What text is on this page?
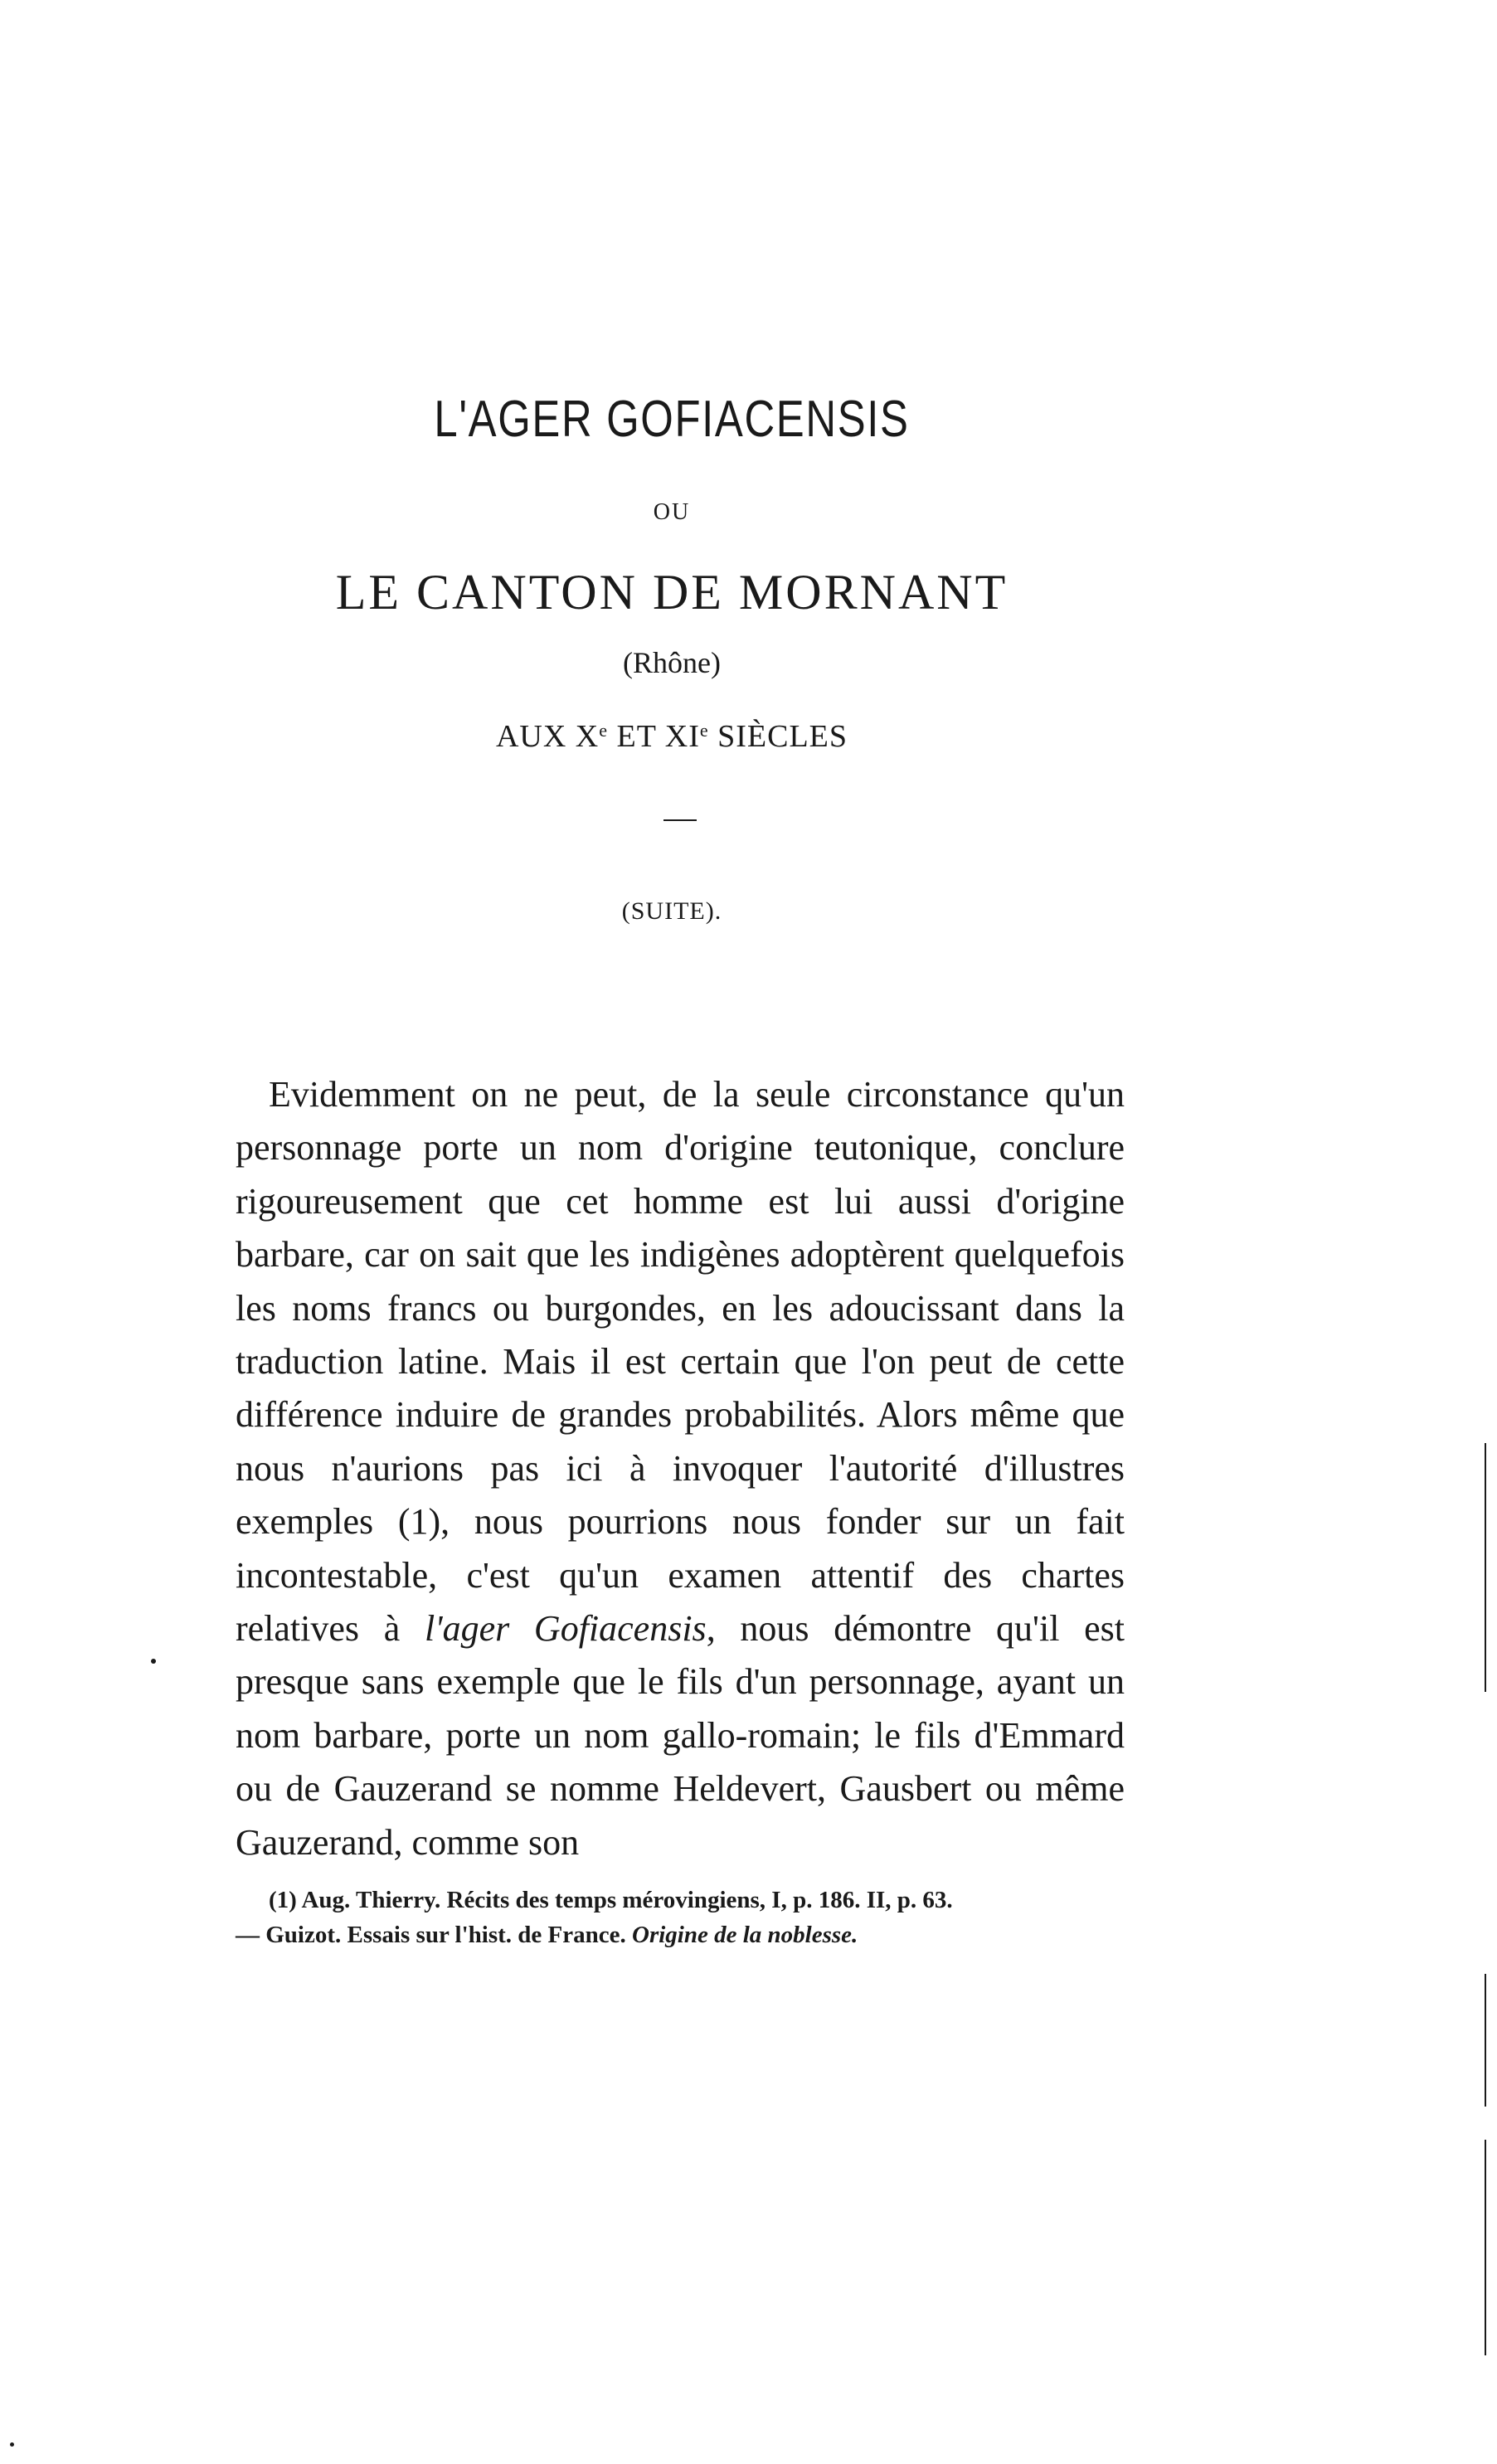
L'AGER GOFIACENSIS
OU
LE CANTON DE MORNANT
(Rhône)
AUX Xe ET XIe SIÈCLES
(SUITE).

Evidemment on ne peut, de la seule circonstance qu'un personnage porte un nom d'origine teutonique, conclure rigoureusement que cet homme est lui aussi d'origine barbare, car on sait que les indigènes adoptèrent quelquefois les noms francs ou burgondes, en les adoucissant dans la traduction latine. Mais il est certain que l'on peut de cette différence induire de grandes probabilités. Alors même que nous n'aurions pas ici à invoquer l'autorité d'illustres exemples (1), nous pourrions nous fonder sur un fait incontestable, c'est qu'un examen attentif des chartes relatives à l'ager Gofiacensis, nous démontre qu'il est presque sans exemple que le fils d'un personnage, ayant un nom barbare, porte un nom gallo-romain; le fils d'Emmard ou de Gauzerand se nomme Heldevert, Gausbert ou même Gauzerand, comme son

(1) Aug. Thierry. Récits des temps mérovingiens, I, p. 186. II, p. 63.

— Guizot. Essais sur l'hist. de France. Origine de la noblesse.
